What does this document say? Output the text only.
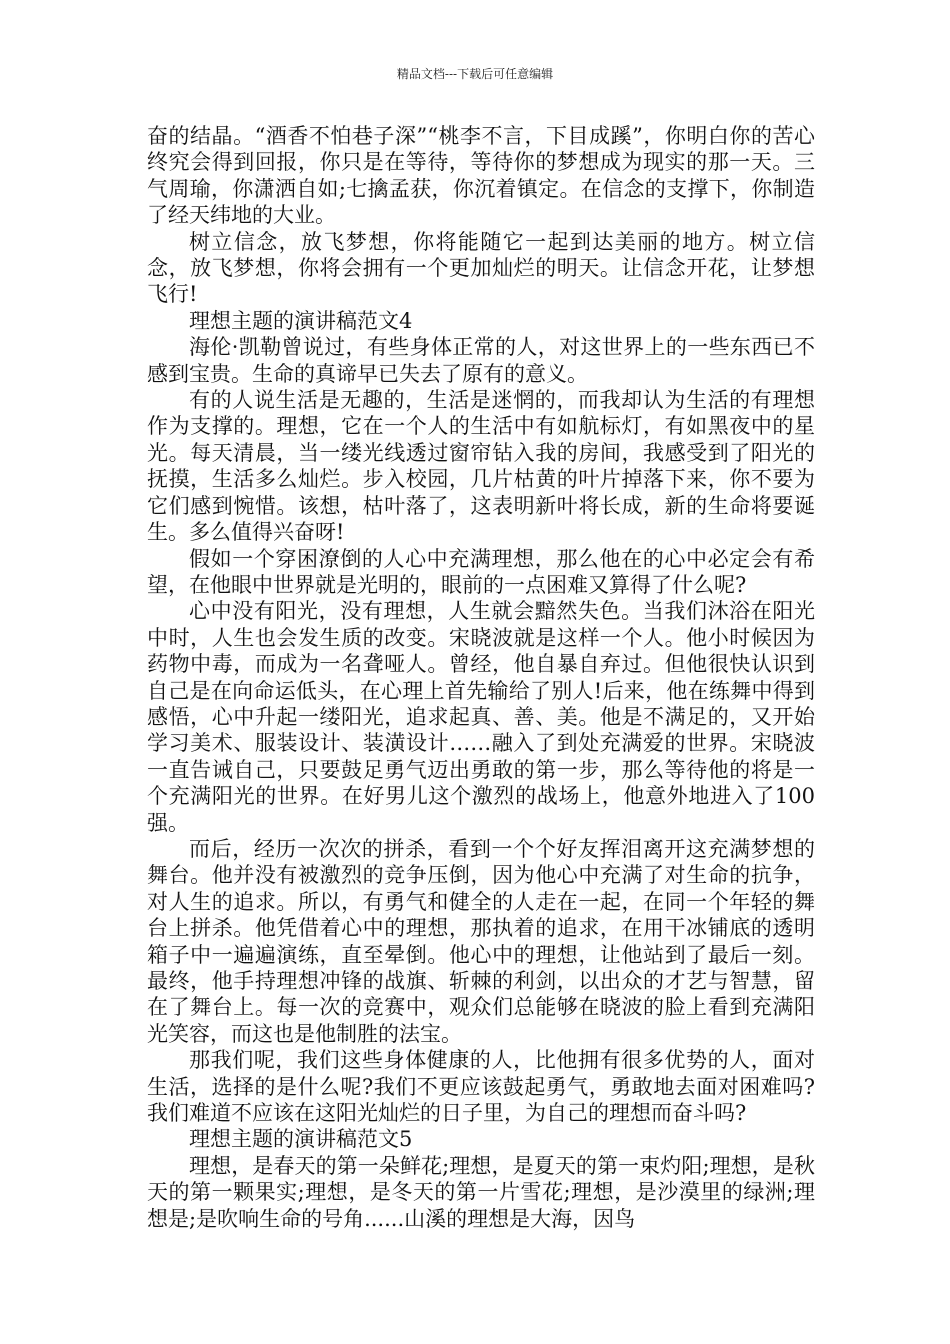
精品文档---下载后可任意编辑

奋的结晶。“酒香不怕巷子深”“桃李不言，下目成蹊”，你明白你的苦心终究会得到回报，你只是在等待，等待你的梦想成为现实的那一天。三气周瑜，你潇洒自如;七擒孟获，你沉着镇定。在信念的支撑下，你制造了经天纬地的大业。

树立信念，放飞梦想，你将能随它一起到达美丽的地方。树立信念，放飞梦想，你将会拥有一个更加灿烂的明天。让信念开花，让梦想飞行!

理想主题的演讲稿范文4

海伦·凯勒曾说过，有些身体正常的人，对这世界上的一些东西已不感到宝贵。生命的真谛早已失去了原有的意义。

有的人说生活是无趣的，生活是迷惘的，而我却认为生活的有理想作为支撑的。理想，它在一个人的生活中有如航标灯，有如黑夜中的星光。每天清晨，当一缕光线透过窗帘钻入我的房间，我感受到了阳光的抚摸，生活多么灿烂。步入校园，几片枯黄的叶片掉落下来，你不要为它们感到惋惜。该想，枯叶落了，这表明新叶将长成，新的生命将要诞生。多么值得兴奋呀!

假如一个穿困潦倒的人心中充满理想，那么他在的心中必定会有希望，在他眼中世界就是光明的，眼前的一点困难又算得了什么呢?

心中没有阳光，没有理想，人生就会黯然失色。当我们沐浴在阳光中时，人生也会发生质的改变。宋晓波就是这样一个人。他小时候因为药物中毒，而成为一名聋哑人。曾经，他自暴自弃过。但他很快认识到自己是在向命运低头，在心理上首先输给了别人!后来，他在练舞中得到感悟，心中升起一缕阳光，追求起真、善、美。他是不满足的，又开始学习美术、服装设计、装潢设计……融入了到处充满爱的世界。宋晓波一直告诫自己，只要鼓足勇气迈出勇敢的第一步，那么等待他的将是一个充满阳光的世界。在好男儿这个激烈的战场上，他意外地进入了100强。

而后，经历一次次的拼杀，看到一个个好友挥泪离开这充满梦想的舞台。他并没有被激烈的竞争压倒，因为他心中充满了对生命的抗争，对人生的追求。所以，有勇气和健全的人走在一起，在同一个年轻的舞台上拼杀。他凭借着心中的理想，那执着的追求，在用干冰铺底的透明箱子中一遍遍演练，直至晕倒。他心中的理想，让他站到了最后一刻。最终，他手持理想冲锋的战旗、斩棘的利剑，以出众的才艺与智慧，留在了舞台上。每一次的竞赛中，观众们总能够在晓波的脸上看到充满阳光笑容，而这也是他制胜的法宝。

那我们呢，我们这些身体健康的人，比他拥有很多优势的人，面对生活，选择的是什么呢?我们不更应该鼓起勇气，勇敢地去面对困难吗?我们难道不应该在这阳光灿烂的日子里，为自己的理想而奋斗吗?

理想主题的演讲稿范文5

理想，是春天的第一朵鲜花;理想，是夏天的第一束灼阳;理想，是秋天的第一颗果实;理想，是冬天的第一片雪花;理想，是沙漠里的绿洲;理想是;是吹响生命的号角......山溪的理想是大海，因鸟
